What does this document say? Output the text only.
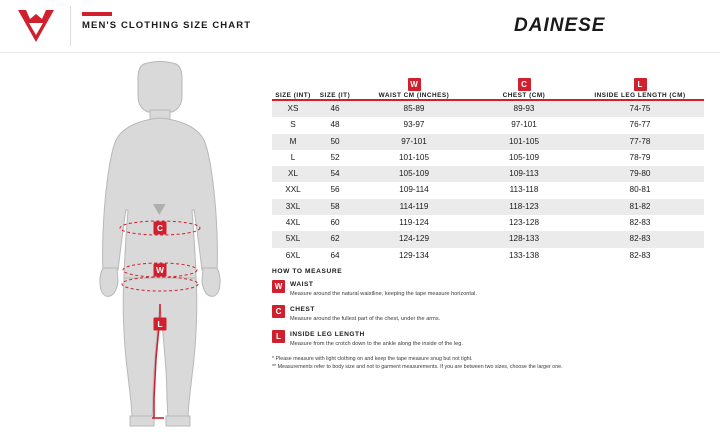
MEN'S CLOTHING SIZE CHART	DAINESE
C
W
L
		W	C	L
SIZE (INT)	SIZE (IT)	WAIST CM (INCHES)	CHEST (CM)	INSIDE LEG LENGTH (CM)

XS	46	85-89	89-93	74-75
S	48	93-97	97-101	76-77
M	50	97-101	101-105	77-78
L	52	101-105	105-109	78-79
XL	54	105-109	109-113	79-80
XXL	56	109-114	113-118	80-81
3XL	58	114-119	118-123	81-82
4XL	60	119-124	123-128	82-83
5XL	62	124-129	128-133	82-83
6XL	64	129-134	133-138	82-83
HOW TO MEASURE
W	WAIST
Measure around the natural waistline, keeping the tape measure horizontal.
C	CHEST
Measure around the fullest part of the chest, under the arms.
L	INSIDE LEG LENGTH
Measure from the crotch down to the ankle along the inside of the leg.
* Please measure with light clothing on and keep the tape measure snug but not tight.
** Measurements refer to body size and not to garment measurements. If you are between two sizes, choose the larger one.
